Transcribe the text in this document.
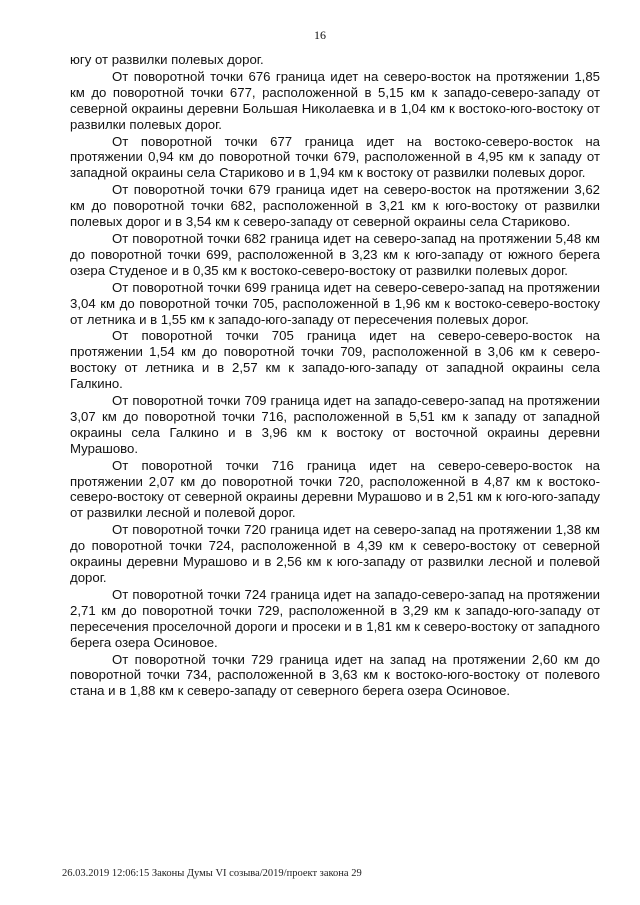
16

югу от развилки полевых дорог.

От поворотной точки 676 граница идет на северо-восток на протяжении 1,85 км до поворотной точки 677, расположенной в 5,15 км к западо-северо-западу от северной окраины деревни Большая Николаевка и в 1,04 км к востоко-юго-востоку от развилки полевых дорог.

От поворотной точки 677 граница идет на востоко-северо-восток на протяжении 0,94 км до поворотной точки 679, расположенной в 4,95 км к западу от западной окраины села Стариково и в 1,94 км к востоку от развилки полевых дорог.

От поворотной точки 679 граница идет на северо-восток на протяжении 3,62 км до поворотной точки 682, расположенной в 3,21 км к юго-востоку от развилки полевых дорог и в 3,54 км к северо-западу от северной окраины села Стариково.

От поворотной точки 682 граница идет на северо-запад на протяжении 5,48 км до поворотной точки 699, расположенной в 3,23 км к юго-западу от южного берега озера Студеное и в 0,35 км к востоко-северо-востоку от развилки полевых дорог.

От поворотной точки 699 граница идет на северо-северо-запад на протяжении 3,04 км до поворотной точки 705, расположенной в 1,96 км к востоко-северо-востоку от летника и в 1,55 км к западо-юго-западу от пересечения полевых дорог.

От поворотной точки 705 граница идет на северо-северо-восток на протяжении 1,54 км до поворотной точки 709, расположенной в 3,06 км к северо-востоку от летника и в 2,57 км к западо-юго-западу от западной окраины села Галкино.

От поворотной точки 709 граница идет на западо-северо-запад на протяжении 3,07 км до поворотной точки 716, расположенной в 5,51 км к западу от западной окраины села Галкино и в 3,96 км к востоку от восточной окраины деревни Мурашово.

От поворотной точки 716 граница идет на северо-северо-восток на протяжении 2,07 км до поворотной точки 720, расположенной в 4,87 км к востоко-северо-востоку от северной окраины деревни Мурашово и в 2,51 км к юго-юго-западу от развилки лесной и полевой дорог.

От поворотной точки 720 граница идет на северо-запад на протяжении 1,38 км до поворотной точки 724, расположенной в 4,39 км к северо-востоку от северной окраины деревни Мурашово и в 2,56 км к юго-западу от развилки лесной и полевой дорог.

От поворотной точки 724 граница идет на западо-северо-запад на протяжении 2,71 км до поворотной точки 729, расположенной в 3,29 км к западо-юго-западу от пересечения проселочной дороги и просеки и в 1,81 км к северо-востоку от западного берега озера Осиновое.

От поворотной точки 729 граница идет на запад на протяжении 2,60 км до поворотной точки 734, расположенной в 3,63 км к востоко-юго-востоку от полевого стана и в 1,88 км к северо-западу от северного берега озера Осиновое.

26.03.2019 12:06:15 Законы Думы VI созыва/2019/проект закона 29
